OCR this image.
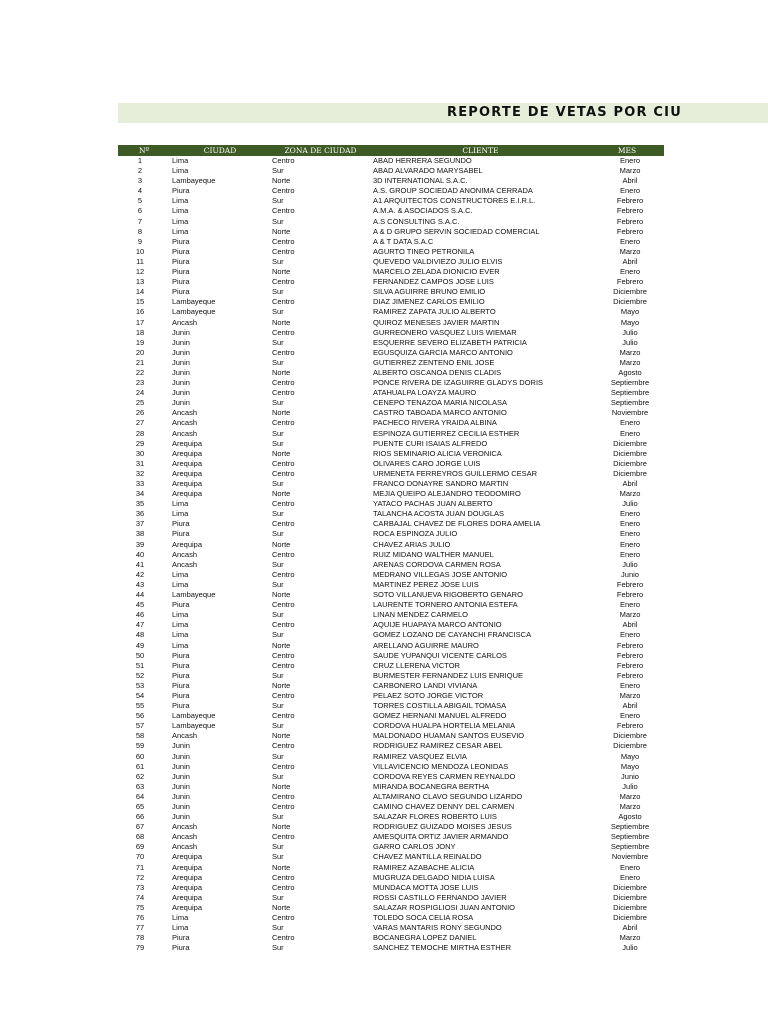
REPORTE DE VETAS POR CIU
Nº	CIUDAD	ZONA DE CIUDAD	CLIENTE	MES
1	Lima	Centro	ABAD HERRERA SEGUNDO	Enero
2	Lima	Sur	ABAD ALVARADO MARYSABEL	Marzo
3	Lambayeque	Norte	3D INTERNATIONAL S.A.C.	Abril
4	Piura	Centro	A.S. GROUP SOCIEDAD ANONIMA CERRADA	Enero
5	Lima	Sur	A1 ARQUITECTOS CONSTRUCTORES E.I.R.L.	Febrero
6	Lima	Centro	A.M.A. & ASOCIADOS S.A.C.	Febrero
7	Lima	Sur	A.S CONSULTING S.A.C.	Febrero
8	Lima	Norte	A & D GRUPO SERVIN SOCIEDAD COMERCIAL	Febrero
9	Piura	Centro	A & T DATA S.A.C	Enero
10	Piura	Centro	AGURTO TINEO PETRONILA	Marzo
11	Piura	Sur	QUEVEDO VALDIVIEZO JULIO ELVIS	Abril
12	Piura	Norte	MARCELO ZELADA DIONICIO EVER	Enero
13	Piura	Centro	FERNANDEZ CAMPOS JOSE LUIS	Febrero
14	Piura	Sur	SILVA AGUIRRE BRUNO EMILIO	Diciembre
15	Lambayeque	Centro	DIAZ JIMENEZ CARLOS EMILIO	Diciembre
16	Lambayeque	Sur	RAMIREZ ZAPATA JULIO ALBERTO	Mayo
17	Ancash	Norte	QUIROZ MENESES JAVIER MARTIN	Mayo
18	Junin	Centro	GURREONERO VASQUEZ LUIS WIEMAR	Julio
19	Junin	Sur	ESQUERRE SEVERO ELIZABETH PATRICIA	Julio
20	Junin	Centro	EGUSQUIZA GARCIA MARCO ANTONIO	Marzo
21	Junin	Sur	GUTIERREZ ZENTENO ENIL JOSE	Marzo
22	Junin	Norte	ALBERTO OSCANOA DENIS CLADIS	Agosto
23	Junin	Centro	PONCE RIVERA DE IZAGUIRRE GLADYS DORIS	Septiembre
24	Junin	Centro	ATAHUALPA LOAYZA MAURO	Septiembre
25	Junin	Sur	CENEPO TENAZOA MARIA NICOLASA	Septiembre
26	Ancash	Norte	CASTRO TABOADA MARCO ANTONIO	Noviembre
27	Ancash	Centro	PACHECO RIVERA YRAIDA ALBINA	Enero
28	Ancash	Sur	ESPINOZA GUTIERREZ CECILIA ESTHER	Enero
29	Arequipa	Sur	PUENTE CURI ISAIAS ALFREDO	Diciembre
30	Arequipa	Norte	RIOS SEMINARIO ALICIA VERONICA	Diciembre
31	Arequipa	Centro	OLIVARES CARO JORGE LUIS	Diciembre
32	Arequipa	Centro	URMENETA FERREYROS GUILLERMO CESAR	Diciembre
33	Arequipa	Sur	FRANCO DONAYRE SANDRO MARTIN	Abril
34	Arequipa	Norte	MEJIA QUEIPO ALEJANDRO TEODOMIRO	Marzo
35	Lima	Centro	YATACO PACHAS JUAN ALBERTO	Julio
36	Lima	Sur	TALANCHA ACOSTA JUAN DOUGLAS	Enero
37	Piura	Centro	CARBAJAL CHAVEZ DE FLORES DORA AMELIA	Enero
38	Piura	Sur	ROCA ESPINOZA JULIO	Enero
39	Arequipa	Norte	CHAVEZ ARIAS JULIO	Enero
40	Ancash	Centro	RUIZ MIDANO WALTHER MANUEL	Enero
41	Ancash	Sur	ARENAS CORDOVA CARMEN ROSA	Julio
42	Lima	Centro	MEDRANO VILLEGAS JOSE ANTONIO	Junio
43	Lima	Sur	MARTINEZ PEREZ JOSE LUIS	Febrero
44	Lambayeque	Norte	SOTO VILLANUEVA RIGOBERTO GENARO	Febrero
45	Piura	Centro	LAURENTE TORNERO ANTONIA ESTEFA	Enero
46	Lima	Sur	LINAN MENDEZ CARMELO	Marzo
47	Lima	Centro	AQUIJE HUAPAYA MARCO ANTONIO	Abril
48	Lima	Sur	GOMEZ LOZANO DE CAYANCHI FRANCISCA	Enero
49	Lima	Norte	ARELLANO AGUIRRE MAURO	Febrero
50	Piura	Centro	SAUDE YUPANQUI VICENTE CARLOS	Febrero
51	Piura	Centro	CRUZ LLERENA VICTOR	Febrero
52	Piura	Sur	BURMESTER FERNANDEZ LUIS ENRIQUE	Febrero
53	Piura	Norte	CARBONERO LANDI VIVIANA	Enero
54	Piura	Centro	PELAEZ SOTO JORGE VICTOR	Marzo
55	Piura	Sur	TORRES COSTILLA ABIGAIL TOMASA	Abril
56	Lambayeque	Centro	GOMEZ HERNANI MANUEL ALFREDO	Enero
57	Lambayeque	Sur	CORDOVA HUALPA HORTELIA MELANIA	Febrero
58	Ancash	Norte	MALDONADO HUAMAN SANTOS EUSEVIO	Diciembre
59	Junin	Centro	RODRIGUEZ RAMIREZ CESAR ABEL	Diciembre
60	Junin	Sur	RAMIREZ VASQUEZ ELVIA	Mayo
61	Junin	Centro	VILLAVICENCIO MENDOZA LEONIDAS	Mayo
62	Junin	Sur	CORDOVA REYES CARMEN REYNALDO	Junio
63	Junin	Norte	MIRANDA BOCANEGRA BERTHA	Julio
64	Junin	Centro	ALTAMIRANO CLAVO SEGUNDO LIZARDO	Marzo
65	Junin	Centro	CAMINO CHAVEZ DENNY DEL CARMEN	Marzo
66	Junin	Sur	SALAZAR FLORES ROBERTO LUIS	Agosto
67	Ancash	Norte	RODRIGUEZ GUIZADO MOISES JESUS	Septiembre
68	Ancash	Centro	AMESQUITA ORTIZ JAVIER ARMANDO	Septiembre
69	Ancash	Sur	GARRO CARLOS JONY	Septiembre
70	Arequipa	Sur	CHAVEZ MANTILLA REINALDO	Noviembre
71	Arequipa	Norte	RAMIREZ AZABACHE ALICIA	Enero
72	Arequipa	Centro	MUGRUZA DELGADO NIDIA LUISA	Enero
73	Arequipa	Centro	MUNDACA MOTTA JOSE LUIS	Diciembre
74	Arequipa	Sur	ROSSI CASTILLO FERNANDO JAVIER	Diciembre
75	Arequipa	Norte	SALAZAR ROSPIGLIOSI JUAN ANTONIO	Diciembre
76	Lima	Centro	TOLEDO SOCA CELIA ROSA	Diciembre
77	Lima	Sur	VARAS MANTARIS RONY SEGUNDO	Abril
78	Piura	Centro	BOCANEGRA LOPEZ DANIEL	Marzo
79	Piura	Sur	SANCHEZ TEMOCHE MIRTHA ESTHER	Julio
